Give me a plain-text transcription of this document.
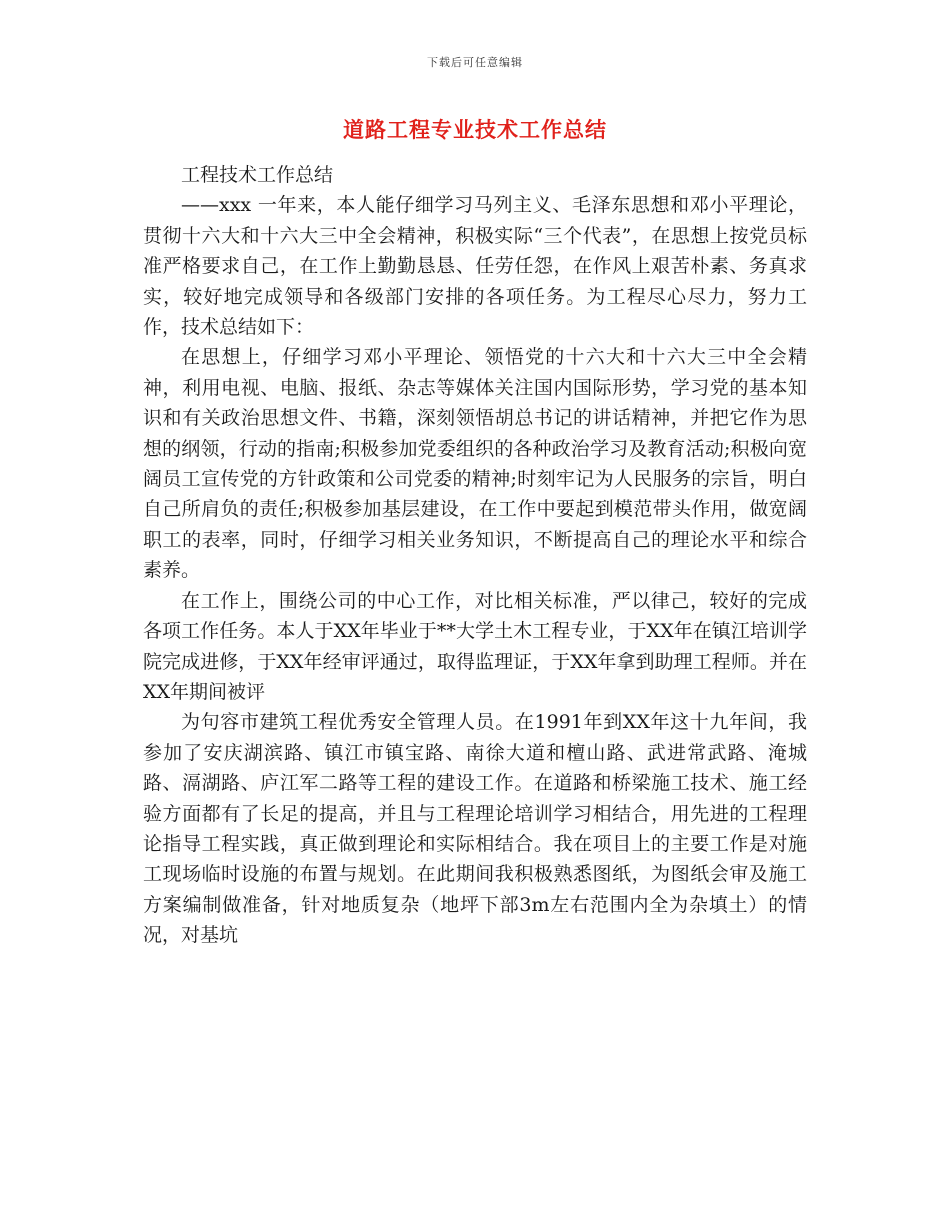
下载后可任意编辑
道路工程专业技术工作总结

工程技术工作总结

——xxx 一年来，本人能仔细学习马列主义、毛泽东思想和邓小平理论，贯彻十六大和十六大三中全会精神，积极实际“三个代表”，在思想上按党员标准严格要求自己，在工作上勤勤恳恳、任劳任怨，在作风上艰苦朴素、务真求实，较好地完成领导和各级部门安排的各项任务。为工程尽心尽力，努力工作，技术总结如下：

在思想上，仔细学习邓小平理论、领悟党的十六大和十六大三中全会精神，利用电视、电脑、报纸、杂志等媒体关注国内国际形势，学习党的基本知识和有关政治思想文件、书籍，深刻领悟胡总书记的讲话精神，并把它作为思想的纲领，行动的指南;积极参加党委组织的各种政治学习及教育活动;积极向宽阔员工宣传党的方针政策和公司党委的精神;时刻牢记为人民服务的宗旨，明白自己所肩负的责任;积极参加基层建设，在工作中要起到模范带头作用，做宽阔职工的表率，同时，仔细学习相关业务知识，不断提高自己的理论水平和综合素养。

在工作上，围绕公司的中心工作，对比相关标准，严以律己，较好的完成各项工作任务。本人于XX年毕业于**大学土木工程专业，于XX年在镇江培训学院完成进修，于XX年经审评通过，取得监理证，于XX年拿到助理工程师。并在XX年期间被评

为句容市建筑工程优秀安全管理人员。在1991年到XX年这十九年间，我参加了安庆湖滨路、镇江市镇宝路、南徐大道和檀山路、武进常武路、淹城路、滆湖路、庐江军二路等工程的建设工作。在道路和桥梁施工技术、施工经验方面都有了长足的提高，并且与工程理论培训学习相结合，用先进的工程理论指导工程实践，真正做到理论和实际相结合。我在项目上的主要工作是对施工现场临时设施的布置与规划。在此期间我积极熟悉图纸，为图纸会审及施工方案编制做准备，针对地质复杂（地坪下部3m左右范围内全为杂填土）的情况，对基坑
